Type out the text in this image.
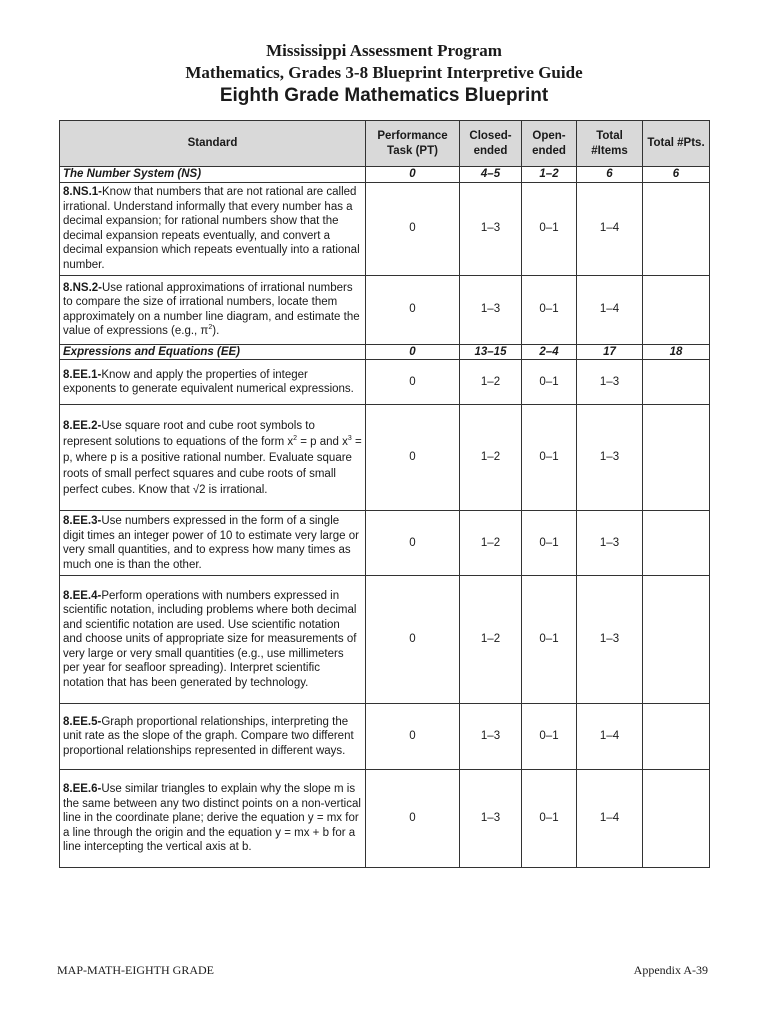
Mississippi Assessment Program
Mathematics, Grades 3-8 Blueprint Interpretive Guide
Eighth Grade Mathematics Blueprint
Standard	Performance Task (PT)	Closed-ended	Open-ended	Total #Items	Total #Pts.
The Number System (NS)	0	4–5	1–2	6	6
8.NS.1-Know that numbers that are not rational are called irrational. Understand informally that every number has a decimal expansion; for rational numbers show that the decimal expansion repeats eventually, and convert a decimal expansion which repeats eventually into a rational number.	0	1–3	0–1	1–4	
8.NS.2-Use rational approximations of irrational numbers to compare the size of irrational numbers, locate them approximately on a number line diagram, and estimate the value of expressions (e.g., $\pi^2$).	0	1–3	0–1	1–4	
Expressions and Equations (EE)	0	13–15	2–4	17	18
8.EE.1-Know and apply the properties of integer exponents to generate equivalent numerical expressions.	0	1–2	0–1	1–3	
8.EE.2-Use square root and cube root symbols to represent solutions to equations of the form $x^2 = p$ and $x^3 = p$, where p is a positive rational number. Evaluate square roots of small perfect squares and cube roots of small perfect cubes. Know that √2 is irrational.	0	1–2	0–1	1–3	
8.EE.3-Use numbers expressed in the form of a single digit times an integer power of 10 to estimate very large or very small quantities, and to express how many times as much one is than the other.	0	1–2	0–1	1–3	
8.EE.4-Perform operations with numbers expressed in scientific notation, including problems where both decimal and scientific notation are used. Use scientific notation and choose units of appropriate size for measurements of very large or very small quantities (e.g., use millimeters per year for seafloor spreading). Interpret scientific notation that has been generated by technology.	0	1–2	0–1	1–3	
8.EE.5-Graph proportional relationships, interpreting the unit rate as the slope of the graph. Compare two different proportional relationships represented in different ways.	0	1–3	0–1	1–4	
8.EE.6-Use similar triangles to explain why the slope m is the same between any two distinct points on a non-vertical line in the coordinate plane; derive the equation y = mx for a line through the origin and the equation y = mx + b for a line intercepting the vertical axis at b.	0	1–3	0–1	1–4	
MAP-MATH-EIGHTH GRADE	Appendix A-39
